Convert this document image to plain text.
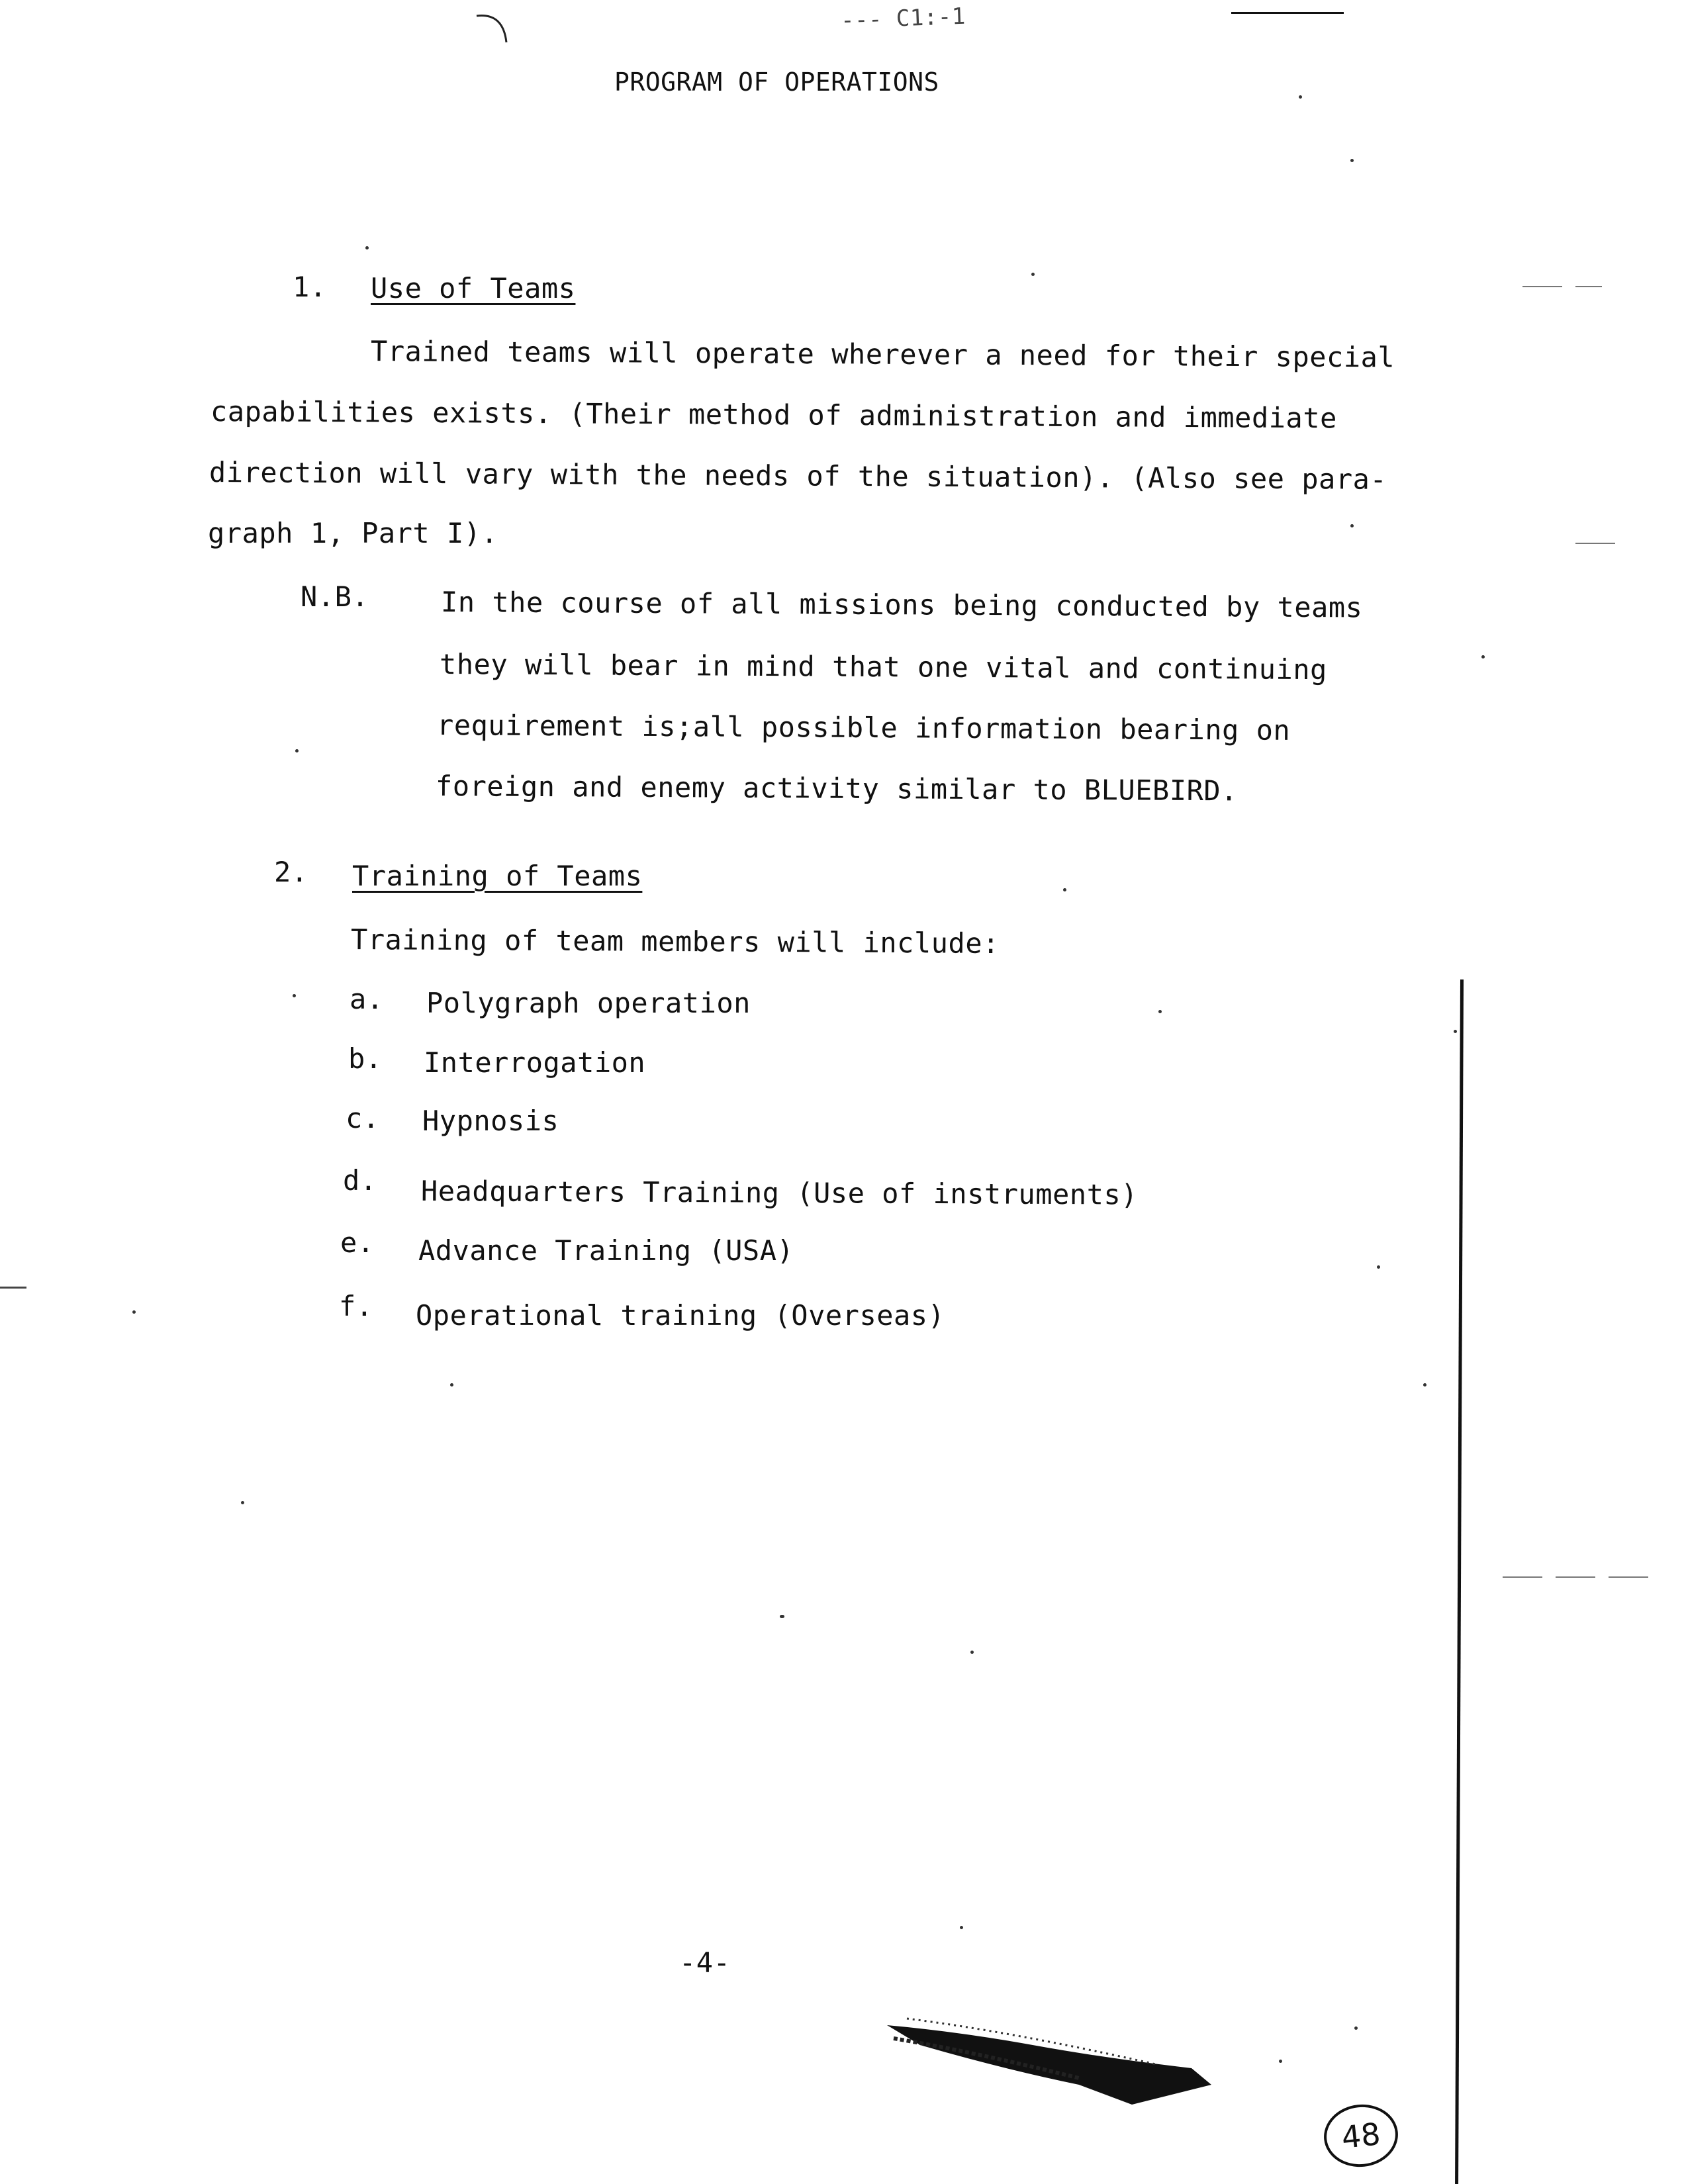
--- C1:-1
PROGRAM OF OPERATIONS
1. Use of Teams
Trained teams will operate wherever a need for their special
capabilities exists. (Their method of administration and immediate
direction will vary with the needs of the situation). (Also see para-
graph 1, Part I).
N.B.	In the course of all missions being conducted by teams
they will bear in mind that one vital and continuing
requirement is;all possible information bearing on
foreign and enemy activity similar to BLUEBIRD.
2. Training of Teams
Training of team members will include:
a. Polygraph operation
b. Interrogation
c. Hypnosis
d. Headquarters Training (Use of instruments)
e. Advance Training (USA)
f. Operational training (Overseas)
-4-
48
